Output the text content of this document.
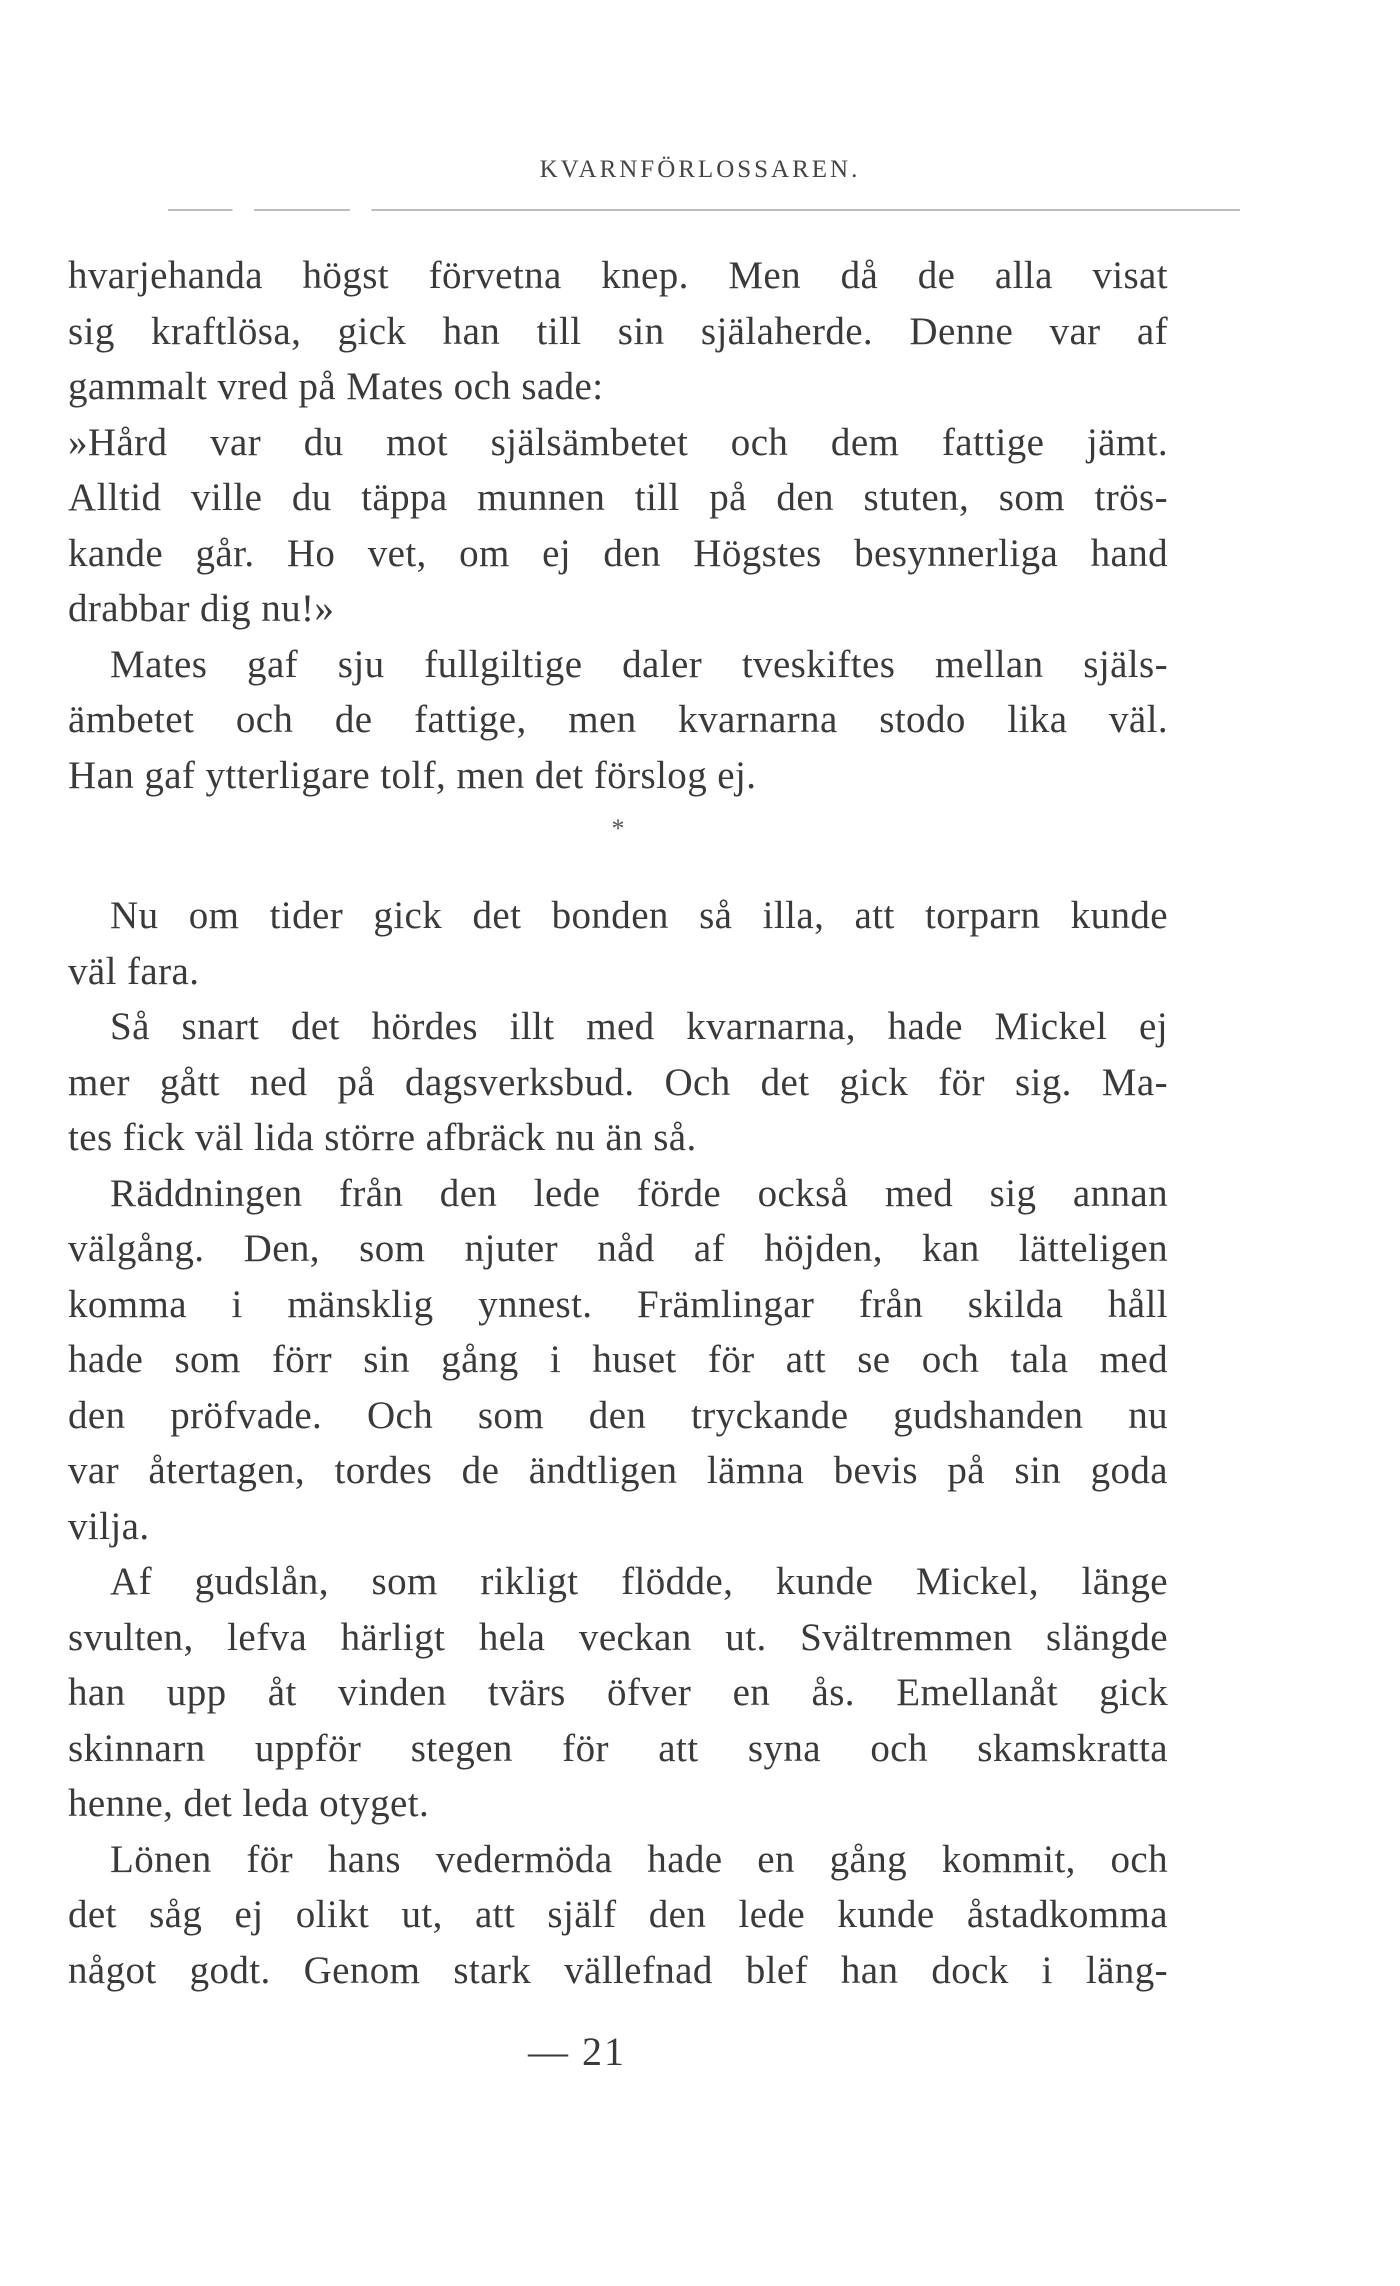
KVARNFÖRLOSSAREN.
hvarjehanda högst förvetna knep. Men då de alla visat
sig kraftlösa, gick han till sin själaherde. Denne var af
gammalt vred på Mates och sade:
»Hård var du mot själsämbetet och dem fattige jämt.
Alltid ville du täppa munnen till på den stuten, som trös-
kande går. Ho vet, om ej den Högstes besynnerliga hand
drabbar dig nu!»
Mates gaf sju fullgiltige daler tveskiftes mellan själs-
ämbetet och de fattige, men kvarnarna stodo lika väl.
Han gaf ytterligare tolf, men det förslog ej.
*
Nu om tider gick det bonden så illa, att torparn kunde
väl fara.
Så snart det hördes illt med kvarnarna, hade Mickel ej
mer gått ned på dagsverksbud. Och det gick för sig. Ma-
tes fick väl lida större afbräck nu än så.
Räddningen från den lede förde också med sig annan
välgång. Den, som njuter nåd af höjden, kan lätteligen
komma i mänsklig ynnest. Främlingar från skilda håll
hade som förr sin gång i huset för att se och tala med
den pröfvade. Och som den tryckande gudshanden nu
var återtagen, tordes de ändtligen lämna bevis på sin goda
vilja.
Af gudslån, som rikligt flödde, kunde Mickel, länge
svulten, lefva härligt hela veckan ut. Svältremmen slängde
han upp åt vinden tvärs öfver en ås. Emellanåt gick
skinnarn uppför stegen för att syna och skamskratta
henne, det leda otyget.
Lönen för hans vedermöda hade en gång kommit, och
det såg ej olikt ut, att själf den lede kunde åstadkomma
något godt. Genom stark vällefnad blef han dock i läng-
— 21
